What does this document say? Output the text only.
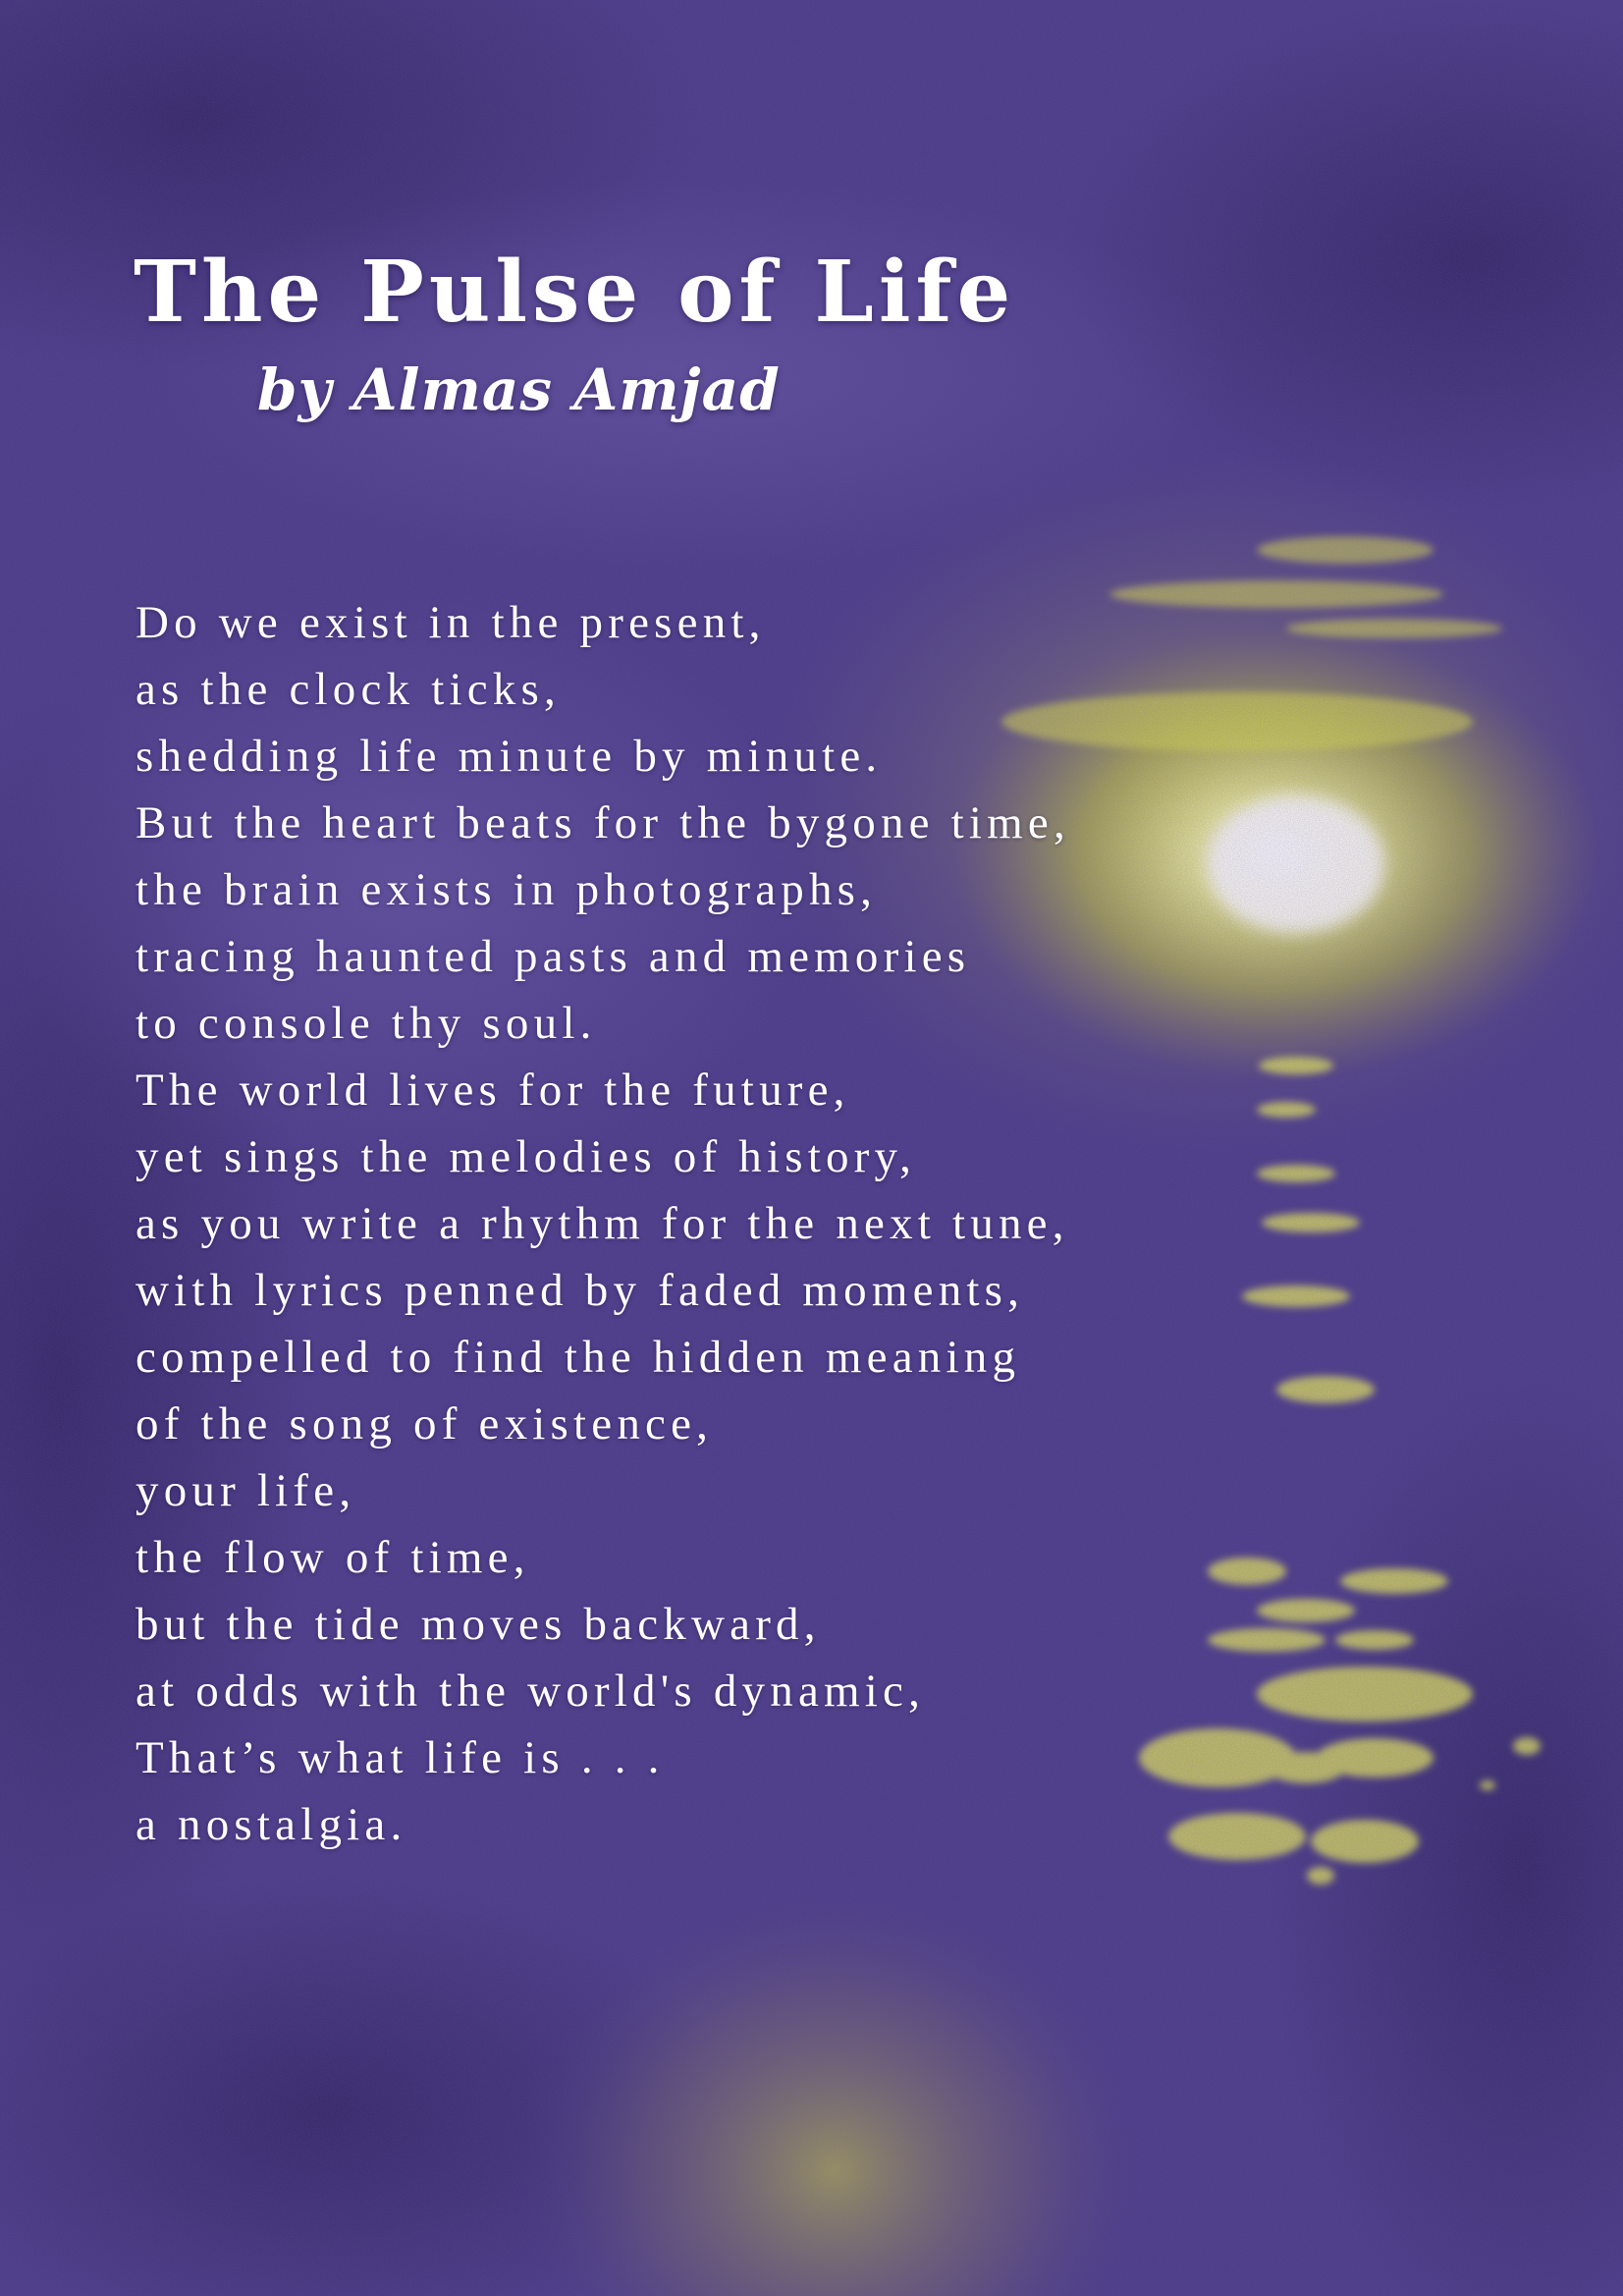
The Pulse of Life
by Almas Amjad
Do we exist in the present,
as the clock ticks,
shedding life minute by minute.
But the heart beats for the bygone time,
the brain exists in photographs,
tracing haunted pasts and memories
to console thy soul.
The world lives for the future,
yet sings the melodies of history,
as you write a rhythm for the next tune,
with lyrics penned by faded moments,
compelled to find the hidden meaning
of the song of existence,
your life,
the flow of time,
but the tide moves backward,
at odds with the world's dynamic,
That’s what life is . . .
a nostalgia.
